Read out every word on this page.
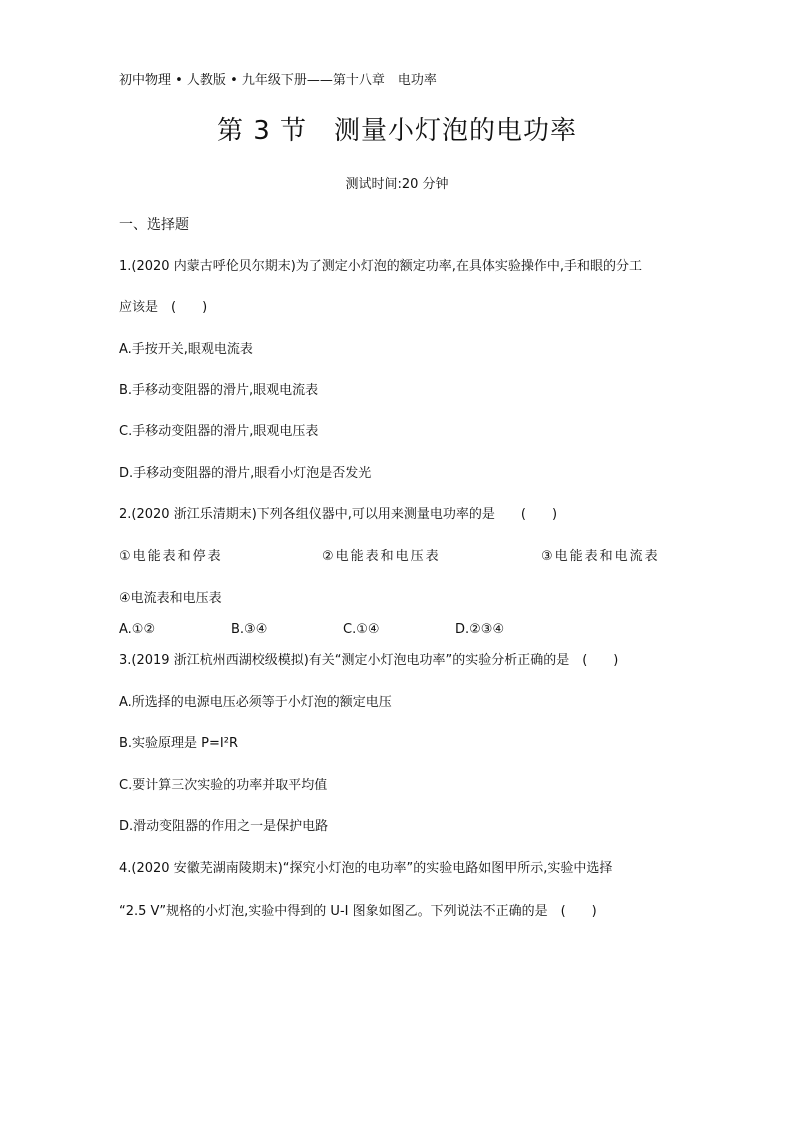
初中物理 • 人教版 • 九年级下册——第十八章　电功率
第 3 节　测量小灯泡的电功率
测试时间:20 分钟
一、选择题
1.(2020 内蒙古呼伦贝尔期末)为了测定小灯泡的额定功率,在具体实验操作中,手和眼的分工
应该是　(　　)
A.手按开关,眼观电流表
B.手移动变阻器的滑片,眼观电流表
C.手移动变阻器的滑片,眼观电压表
D.手移动变阻器的滑片,眼看小灯泡是否发光
2.(2020 浙江乐清期末)下列各组仪器中,可以用来测量电功率的是　　(　　)
①电能表和停表	②电能表和电压表	③电能表和电流表
④电流表和电压表
A.①②	B.③④	C.①④	D.②③④
3.(2019 浙江杭州西湖校级模拟)有关“测定小灯泡电功率”的实验分析正确的是　(　　)
A.所选择的电源电压必须等于小灯泡的额定电压
B.实验原理是 P=I²R
C.要计算三次实验的功率并取平均值
D.滑动变阻器的作用之一是保护电路
4.(2020 安徽芜湖南陵期末)“探究小灯泡的电功率”的实验电路如图甲所示,实验中选择
“2.5 V”规格的小灯泡,实验中得到的 U-I 图象如图乙。下列说法不正确的是　(　　)
